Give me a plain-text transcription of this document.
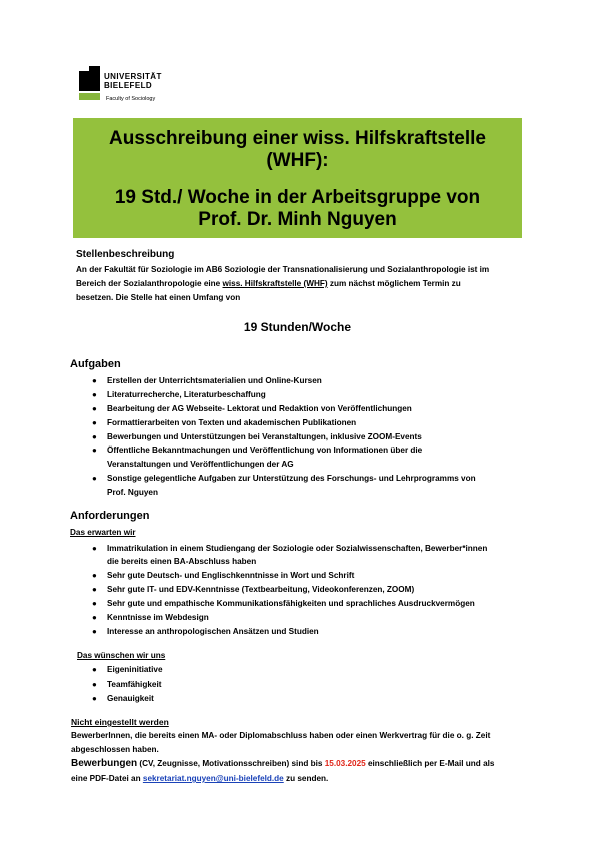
UNIVERSITÄT
BIELEFELD
Faculty of Sociology
Ausschreibung einer wiss. Hilfskraftstelle
(WHF):
19 Std./ Woche in der Arbeitsgruppe von
Prof. Dr. Minh Nguyen
Stellenbeschreibung
An der Fakultät für Soziologie im AB6 Soziologie der Transnationalisierung und Sozialanthropologie ist im
Bereich der Sozialanthropologie eine wiss. Hilfskraftstelle (WHF) zum nächst möglichem Termin zu
besetzen. Die Stelle hat einen Umfang von
19 Stunden/Woche
Aufgaben
● Erstellen der Unterrichtsmaterialien und Online-Kursen
● Literaturrecherche, Literaturbeschaffung
● Bearbeitung der AG Webseite- Lektorat und Redaktion von Veröffentlichungen
● Formattierarbeiten von Texten und akademischen Publikationen
● Bewerbungen und Unterstützungen bei Veranstaltungen, inklusive ZOOM-Events
● Öffentliche Bekanntmachungen und Veröffentlichung von Informationen über die
Veranstaltungen und Veröffentlichungen der AG
● Sonstige gelegentliche Aufgaben zur Unterstützung des Forschungs- und Lehrprogramms von
Prof. Nguyen
Anforderungen
Das erwarten wir
● Immatrikulation in einem Studiengang der Soziologie oder Sozialwissenschaften, Bewerber*innen
die bereits einen BA-Abschluss haben
● Sehr gute Deutsch- und Englischkenntnisse in Wort und Schrift
● Sehr gute IT- und EDV-Kenntnisse (Textbearbeitung, Videokonferenzen, ZOOM)
● Sehr gute und empathische Kommunikationsfähigkeiten und sprachliches Ausdruckvermögen
● Kenntnisse im Webdesign
● Interesse an anthropologischen Ansätzen und Studien
Das wünschen wir uns
● Eigeninitiative
● Teamfähigkeit
● Genauigkeit
Nicht eingestellt werden
BewerberInnen, die bereits einen MA- oder Diplomabschluss haben oder einen Werkvertrag für die o. g. Zeit
abgeschlossen haben.
Bewerbungen (CV, Zeugnisse, Motivationsschreiben) sind bis 15.03.2025 einschließlich per E-Mail und als
eine PDF-Datei an sekretariat.nguyen@uni-bielefeld.de zu senden.
